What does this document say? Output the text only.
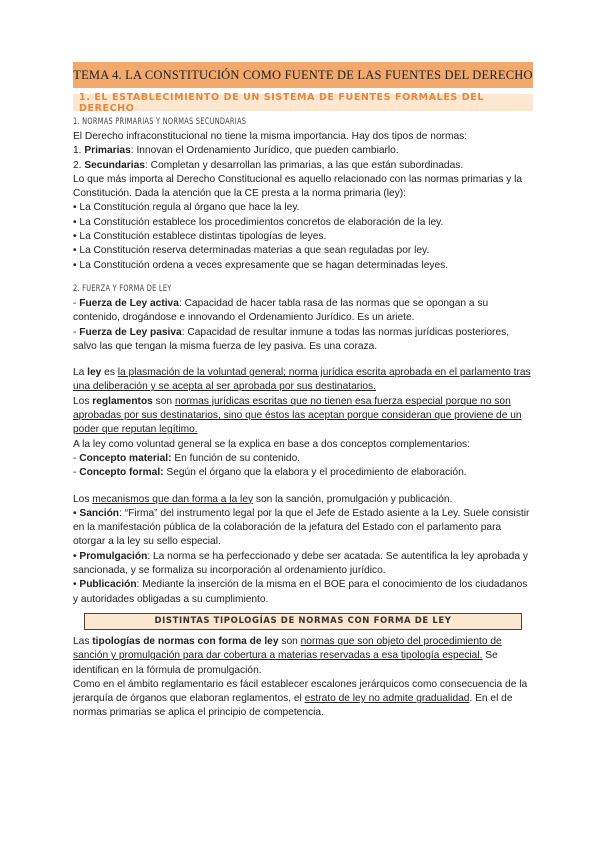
TEMA 4. LA CONSTITUCIÓN COMO FUENTE DE LAS FUENTES DEL DERECHO
1. EL ESTABLECIMIENTO DE UN SISTEMA DE FUENTES FORMALES DEL DERECHO
1. NORMAS PRIMARIAS Y NORMAS SECUNDARIAS

El Derecho infraconstitucional no tiene la misma importancia. Hay dos tipos de normas:

1. Primarias: Innovan el Ordenamiento Jurídico, que pueden cambiarlo.

2. Secundarias: Completan y desarrollan las primarias, a las que están subordinadas.

Lo que más importa al Derecho Constitucional es aquello relacionado con las normas primarias y la Constitución. Dada la atención que la CE presta a la norma primaria (ley):

• La Constitución regula al órgano que hace la ley.

• La Constitución establece los procedimientos concretos de elaboración de la ley.

• La Constitución establece distintas tipologías de leyes.

• La Constitución reserva determinadas materias a que sean reguladas por ley.

• La Constitución ordena a veces expresamente que se hagan determinadas leyes.

2. FUERZA Y FORMA DE LEY

- Fuerza de Ley activa: Capacidad de hacer tabla rasa de las normas que se opongan a su contenido, drogándose e innovando el Ordenamiento Jurídico. Es un ariete.

- Fuerza de Ley pasiva: Capacidad de resultar inmune a todas las normas jurídicas posteriores, salvo las que tengan la misma fuerza de ley pasiva. Es una coraza.

La ley es la plasmación de la voluntad general; norma jurídica escrita aprobada en el parlamento tras una deliberación y se acepta al ser aprobada por sus destinatarios.

Los reglamentos son normas jurídicas escritas que no tienen esa fuerza especial porque no son aprobadas por sus destinatarios, sino que éstos las aceptan porque consideran que proviene de un poder que reputan legítimo.

A la ley como voluntad general se la explica en base a dos conceptos complementarios:

- Concepto material: En función de su contenido.

- Concepto formal: Según el órgano que la elabora y el procedimiento de elaboración.

Los mecanismos que dan forma a la ley son la sanción, promulgación y publicación.

• Sanción: “Firma” del instrumento legal por la que el Jefe de Estado asiente a la Ley. Suele consistir en la manifestación pública de la colaboración de la jefatura del Estado con el parlamento para otorgar a la ley su sello especial.

• Promulgación: La norma se ha perfeccionado y debe ser acatada. Se autentifica la ley aprobada y sancionada, y se formaliza su incorporación al ordenamiento jurídico.

• Publicación: Mediante la inserción de la misma en el BOE para el conocimiento de los ciudadanos y autoridades obligadas a su cumplimiento.

DISTINTAS TIPOLOGÍAS DE NORMAS CON FORMA DE LEY

Las tipologías de normas con forma de ley son normas que son objeto del procedimiento de sanción y promulgación para dar cobertura a materias reservadas a esa tipología especial. Se identifican en la fórmula de promulgación.

Como en el ámbito reglamentario es fácil establecer escalones jerárquicos como consecuencia de la jerarquía de órganos que elaboran reglamentos, el estrato de ley no admite gradualidad. En el de normas primarias se aplica el principio de competencia.
